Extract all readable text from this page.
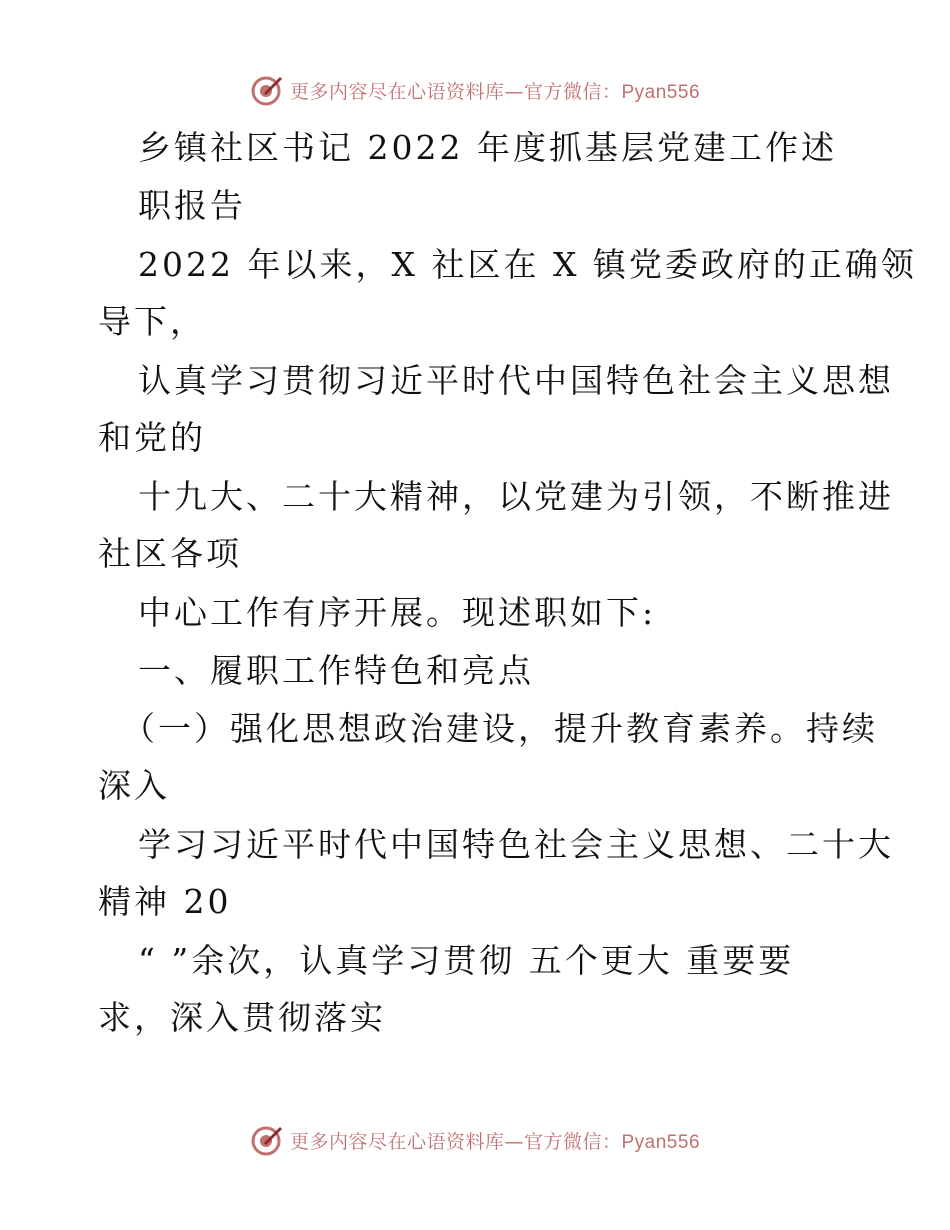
更多内容尽在心语资料库—官方微信：Pyan556
乡镇社区书记 2022 年度抓基层党建工作述
职报告
2022 年以来，X 社区在 X 镇党委政府的正确领
导下，
认真学习贯彻习近平时代中国特色社会主义思想
和党的
十九大、二十大精神，以党建为引领，不断推进
社区各项
中心工作有序开展。现述职如下:
一、履职工作特色和亮点
（一）强化思想政治建设，提升教育素养。持续
深入
学习习近平时代中国特色社会主义思想、二十大
精神 20
“ ”余次，认真学习贯彻 五个更大 重要要
求，深入贯彻落实
更多内容尽在心语资料库—官方微信：Pyan556
